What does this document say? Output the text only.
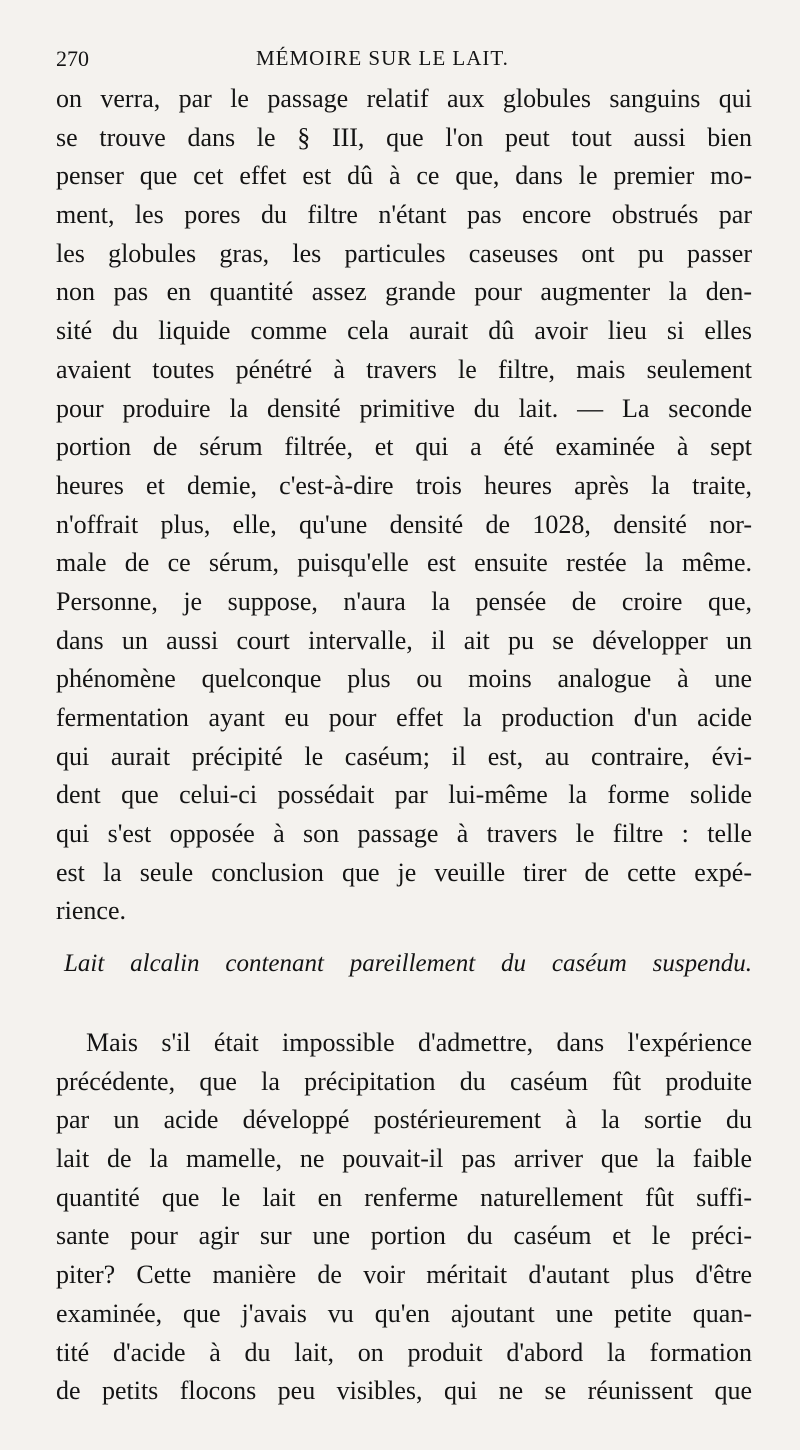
270	MÉMOIRE SUR LE LAIT.
on verra, par le passage relatif aux globules sanguins qui
se trouve dans le § III, que l'on peut tout aussi bien
penser que cet effet est dû à ce que, dans le premier mo-
ment, les pores du filtre n'étant pas encore obstrués par
les globules gras, les particules caseuses ont pu passer
non pas en quantité assez grande pour augmenter la den-
sité du liquide comme cela aurait dû avoir lieu si elles
avaient toutes pénétré à travers le filtre, mais seulement
pour produire la densité primitive du lait. — La seconde
portion de sérum filtrée, et qui a été examinée à sept
heures et demie, c'est-à-dire trois heures après la traite,
n'offrait plus, elle, qu'une densité de 1028, densité nor-
male de ce sérum, puisqu'elle est ensuite restée la même.
Personne, je suppose, n'aura la pensée de croire que,
dans un aussi court intervalle, il ait pu se développer un
phénomène quelconque plus ou moins analogue à une
fermentation ayant eu pour effet la production d'un acide
qui aurait précipité le caséum; il est, au contraire, évi-
dent que celui-ci possédait par lui-même la forme solide
qui s'est opposée à son passage à travers le filtre : telle
est la seule conclusion que je veuille tirer de cette expé-
rience.
Lait alcalin contenant pareillement du caséum suspendu.
Mais s'il était impossible d'admettre, dans l'expérience
précédente, que la précipitation du caséum fût produite
par un acide développé postérieurement à la sortie du
lait de la mamelle, ne pouvait-il pas arriver que la faible
quantité que le lait en renferme naturellement fût suffi-
sante pour agir sur une portion du caséum et le préci-
piter? Cette manière de voir méritait d'autant plus d'être
examinée, que j'avais vu qu'en ajoutant une petite quan-
tité d'acide à du lait, on produit d'abord la formation
de petits flocons peu visibles, qui ne se réunissent que
